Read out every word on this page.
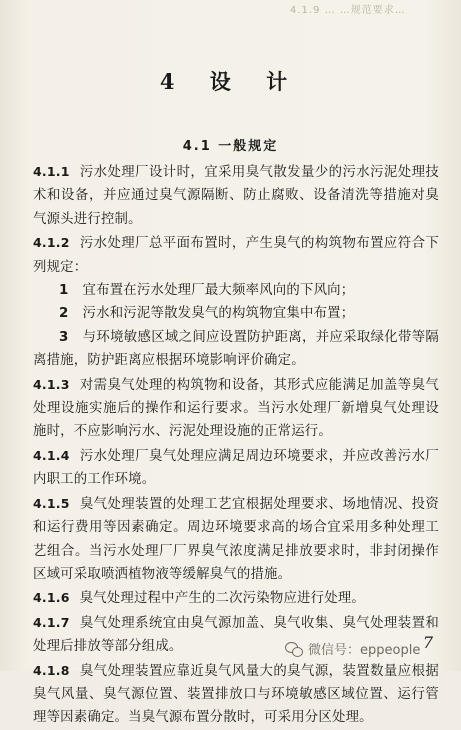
4.1.9 … …规范要求…
4 设 计
4.1 一般规定

4.1.1 污水处理厂设计时，宜采用臭气散发量少的污水污泥处理技术和设备，并应通过臭气源隔断、防止腐败、设备清洗等措施对臭气源头进行控制。

4.1.2 污水处理厂总平面布置时，产生臭气的构筑物布置应符合下列规定：

1 宜布置在污水处理厂最大频率风向的下风向；

2 污水和污泥等散发臭气的构筑物宜集中布置；

3 与环境敏感区域之间应设置防护距离，并应采取绿化带等隔离措施，防护距离应根据环境影响评价确定。

4.1.3 对需臭气处理的构筑物和设备，其形式应能满足加盖等臭气处理设施实施后的操作和运行要求。当污水处理厂新增臭气处理设施时，不应影响污水、污泥处理设施的正常运行。

4.1.4 污水处理厂臭气处理应满足周边环境要求，并应改善污水厂内职工的工作环境。

4.1.5 臭气处理装置的处理工艺宜根据处理要求、场地情况、投资和运行费用等因素确定。周边环境要求高的场合宜采用多种处理工艺组合。当污水处理厂厂界臭气浓度满足排放要求时，非封闭操作区域可采取喷洒植物液等缓解臭气的措施。

4.1.6 臭气处理过程中产生的二次污染物应进行处理。

4.1.7 臭气处理系统宜由臭气源加盖、臭气收集、臭气处理装置和处理后排放等部分组成。

4.1.8 臭气处理装置应靠近臭气风量大的臭气源，装置数量应根据臭气风量、臭气源位置、装置排放口与环境敏感区域位置、运行管理等因素确定。当臭气源布置分散时，可采用分区处理。

7
微信号：eppeople
